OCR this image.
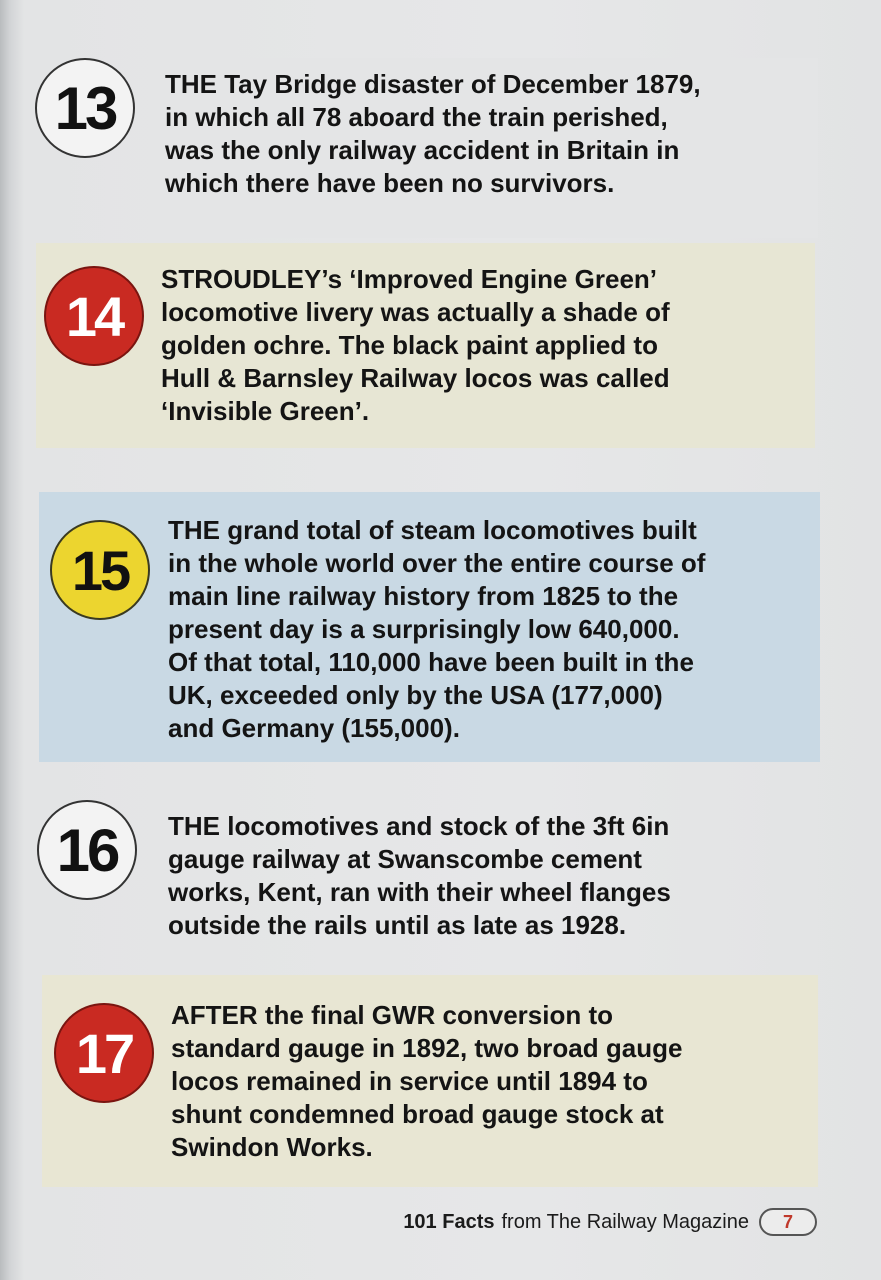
13 THE Tay Bridge disaster of December 1879,
in which all 78 aboard the train perished,
was the only railway accident in Britain in
which there have been no survivors.

14

STROUDLEY’s ‘Improved Engine Green’
locomotive livery was actually a shade of
golden ochre. The black paint applied to
Hull & Barnsley Railway locos was called
‘Invisible Green’.

15

THE grand total of steam locomotives built
in the whole world over the entire course of
main line railway history from 1825 to the
present day is a surprisingly low 640,000.
Of that total, 110,000 have been built in the
UK, exceeded only by the USA (177,000)
and Germany (155,000).

16 THE locomotives and stock of the 3ft 6in
gauge railway at Swanscombe cement
works, Kent, ran with their wheel flanges
outside the rails until as late as 1928.

17

AFTER the final GWR conversion to
standard gauge in 1892, two broad gauge
locos remained in service until 1894 to
shunt condemned broad gauge stock at
Swindon Works.

101 Facts from The Railway Magazine 7
